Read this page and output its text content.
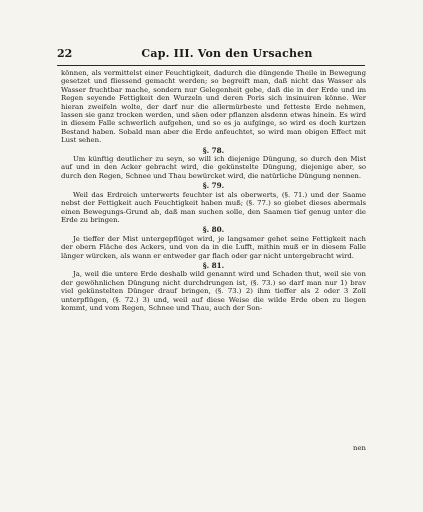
22	Cap. III. Von den Ursachen

können, als vermittelst einer Feuchtigkeit, dadurch die düngende Theile in Bewegung gesetzet und fliessend gemacht werden; so begreift man, daß nicht das Wasser als Wasser fruchtbar mache, sondern nur Gelegenheit gebe, daß die in der Erde und im Regen seyende Fettigkeit den Wurzeln und deren Poris sich insinuiren könne. Wer hieran zweifeln wolte, der darf nur die allermürbeste und fetteste Erde nehmen, lassen sie ganz trocken werden, und säen oder pflanzen alsdenn etwas hinein. Es wird in diesem Falle schwerlich aufgehen, und so es ja aufginge, so wird es doch kurtzen Bestand haben. Sobald man aber die Erde anfeuchtet, so wird man obigen Effect mit Lust sehen.

§. 78.

Um künftig deutlicher zu seyn, so will ich diejenige Düngung, so durch den Mist auf und in den Acker gebracht wird, die gekünstelte Düngung, diejenige aber, so durch den Regen, Schnee und Thau bewürcket wird, die natürliche Düngung nennen.

§. 79.

Weil das Erdreich unterwerts feuchter ist als oberwerts, (§. 71.) und der Saame nebst der Fettigkeit auch Feuchtigkeit haben muß; (§. 77.) so giebet dieses abermals einen Bewegungs-Grund ab, daß man suchen solle, den Saamen tief genug unter die Erde zu bringen.

§. 80.

Je tieffer der Mist untergepflüget wird, je langsamer gehet seine Fettigkeit nach der obern Fläche des Ackers, und von da in die Lufft, mithin muß er in diesem Falle länger würcken, als wann er entweder gar flach oder gar nicht untergebracht wird.

§. 81.

Ja, weil die untere Erde deshalb wild genannt wird und Schaden thut, weil sie von der gewöhnlichen Düngung nicht durchdrungen ist, (§. 73.) so darf man nur 1) brav viel gekünstelten Dünger drauf bringen, (§. 73.) 2) ihm tieffer als 2 oder 3 Zoll unterpflügen, (§. 72.) 3) und, weil auf diese Weise die wilde Erde oben zu liegen kommt, und vom Regen, Schnee und Thau, auch der Son-

nen
